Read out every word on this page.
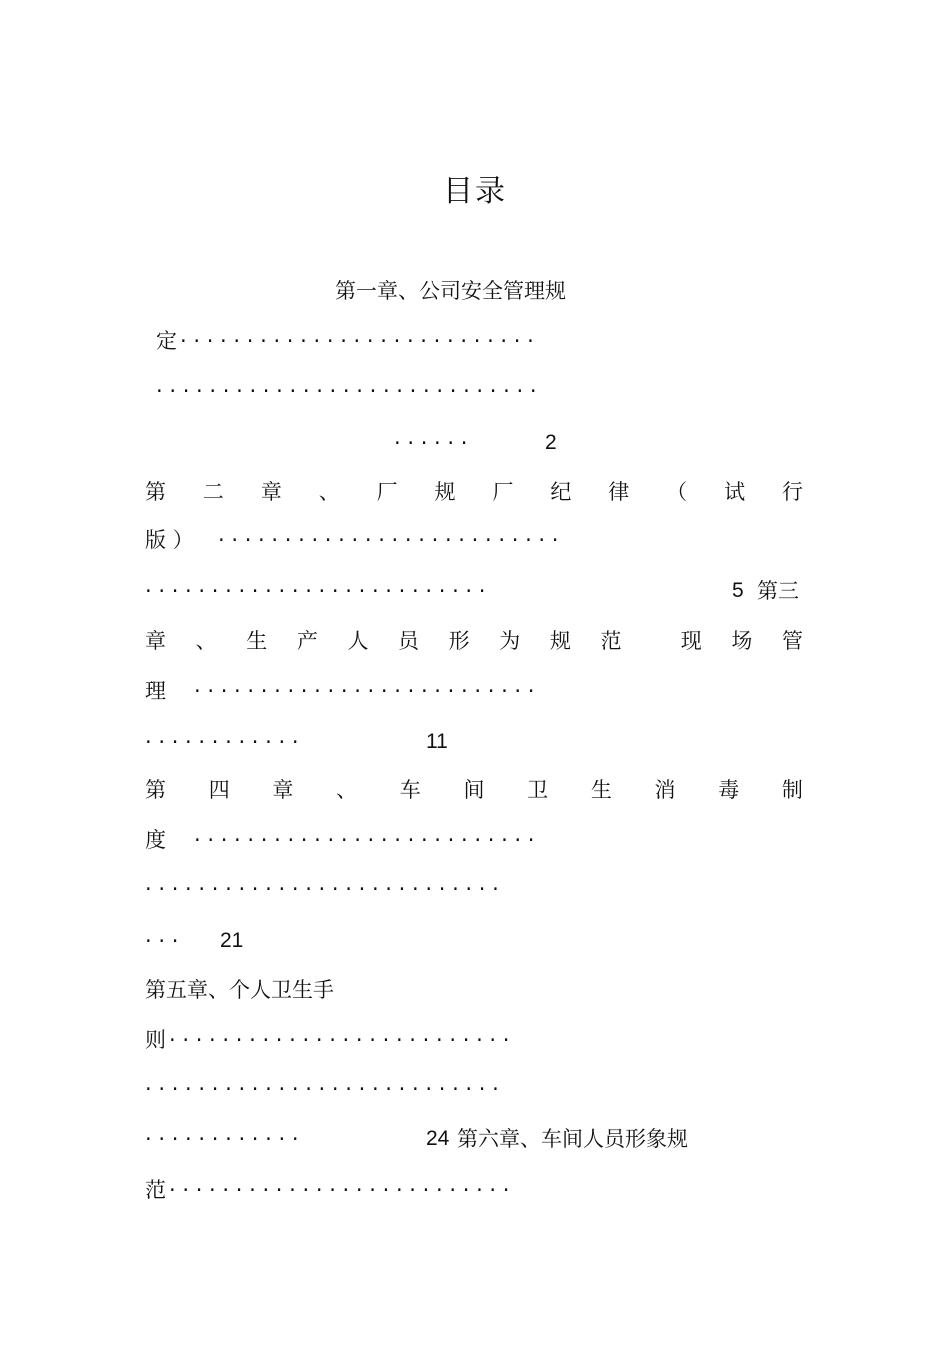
目录
第一章、公司安全管理规
定 · · · · · · · · · · · · · · · · · · · · · · · · · · ·
· · · · · · · · · · · · · · · · · · · · · · · · · · · · ·
· · · · · ·	2
第 二 章 、 厂 规 厂 纪 律 （ 试 行
版 ） · · · · · · · · · · · · · · · · · · · · · · · · · ·
· · · · · · · · · · · · · · · · · · · · · · · · · ·	5 第三
章 、 生 产 人 员 形 为 规 范	现 场 管
理 · · · · · · · · · · · · · · · · · · · · · · · · · ·
· · · · · · · · · · · ·	11
第 四 章 、 车 间 卫 生 消 毒 制
度 · · · · · · · · · · · · · · · · · · · · · · · · · ·
· · · · · · · · · · · · · · · · · · · · · · · · · · ·
· · · 21
第五章、个人卫生手
则 · · · · · · · · · · · · · · · · · · · · · · · · · ·
· · · · · · · · · · · · · · · · · · · · · · · · · · ·
· · · · · · · · · · · ·	24 第六章、车间人员形象规
范 · · · · · · · · · · · · · · · · · · · · · · · · · ·
